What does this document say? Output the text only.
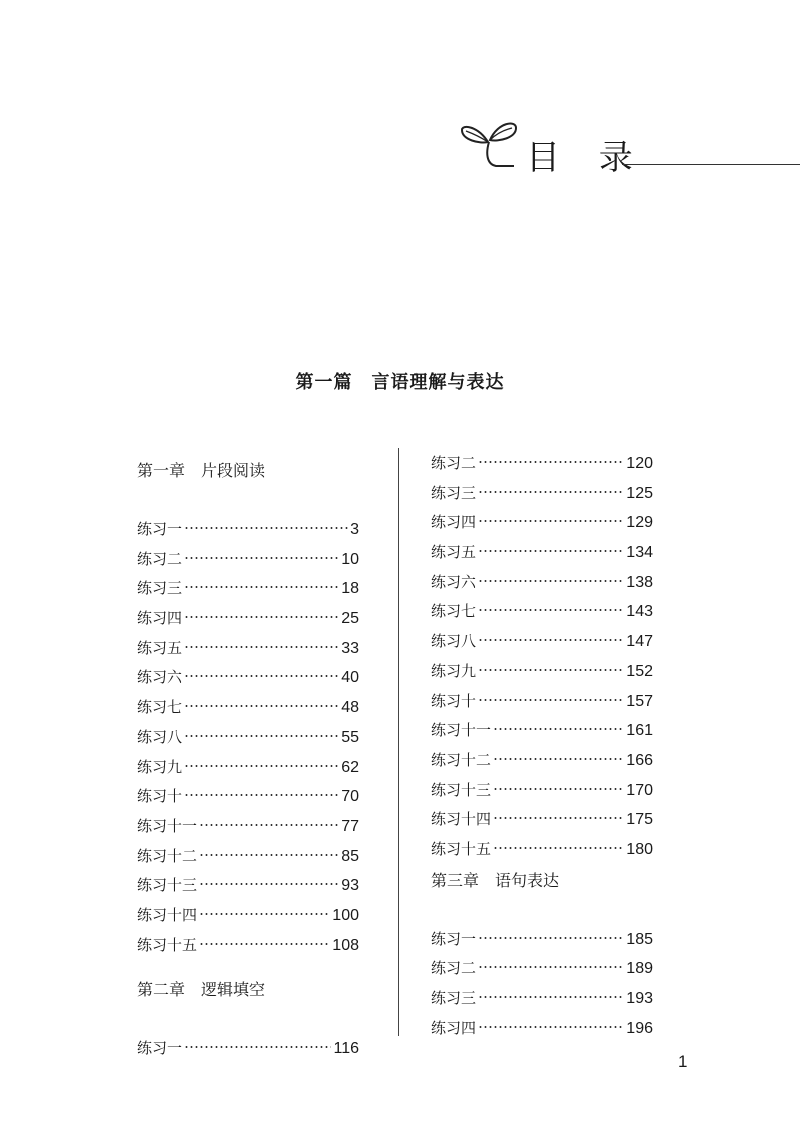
目 录
第一篇　言语理解与表达
第一章　片段阅读
练习一	3
练习二	10
练习三	18
练习四	25
练习五	33
练习六	40
练习七	48
练习八	55
练习九	62
练习十	70
练习十一	77
练习十二	85
练习十三	93
练习十四	100
练习十五	108
第二章　逻辑填空
练习一	116
练习二	120
练习三	125
练习四	129
练习五	134
练习六	138
练习七	143
练习八	147
练习九	152
练习十	157
练习十一	161
练习十二	166
练习十三	170
练习十四	175
练习十五	180
第三章　语句表达
练习一	185
练习二	189
练习三	193
练习四	196
1
